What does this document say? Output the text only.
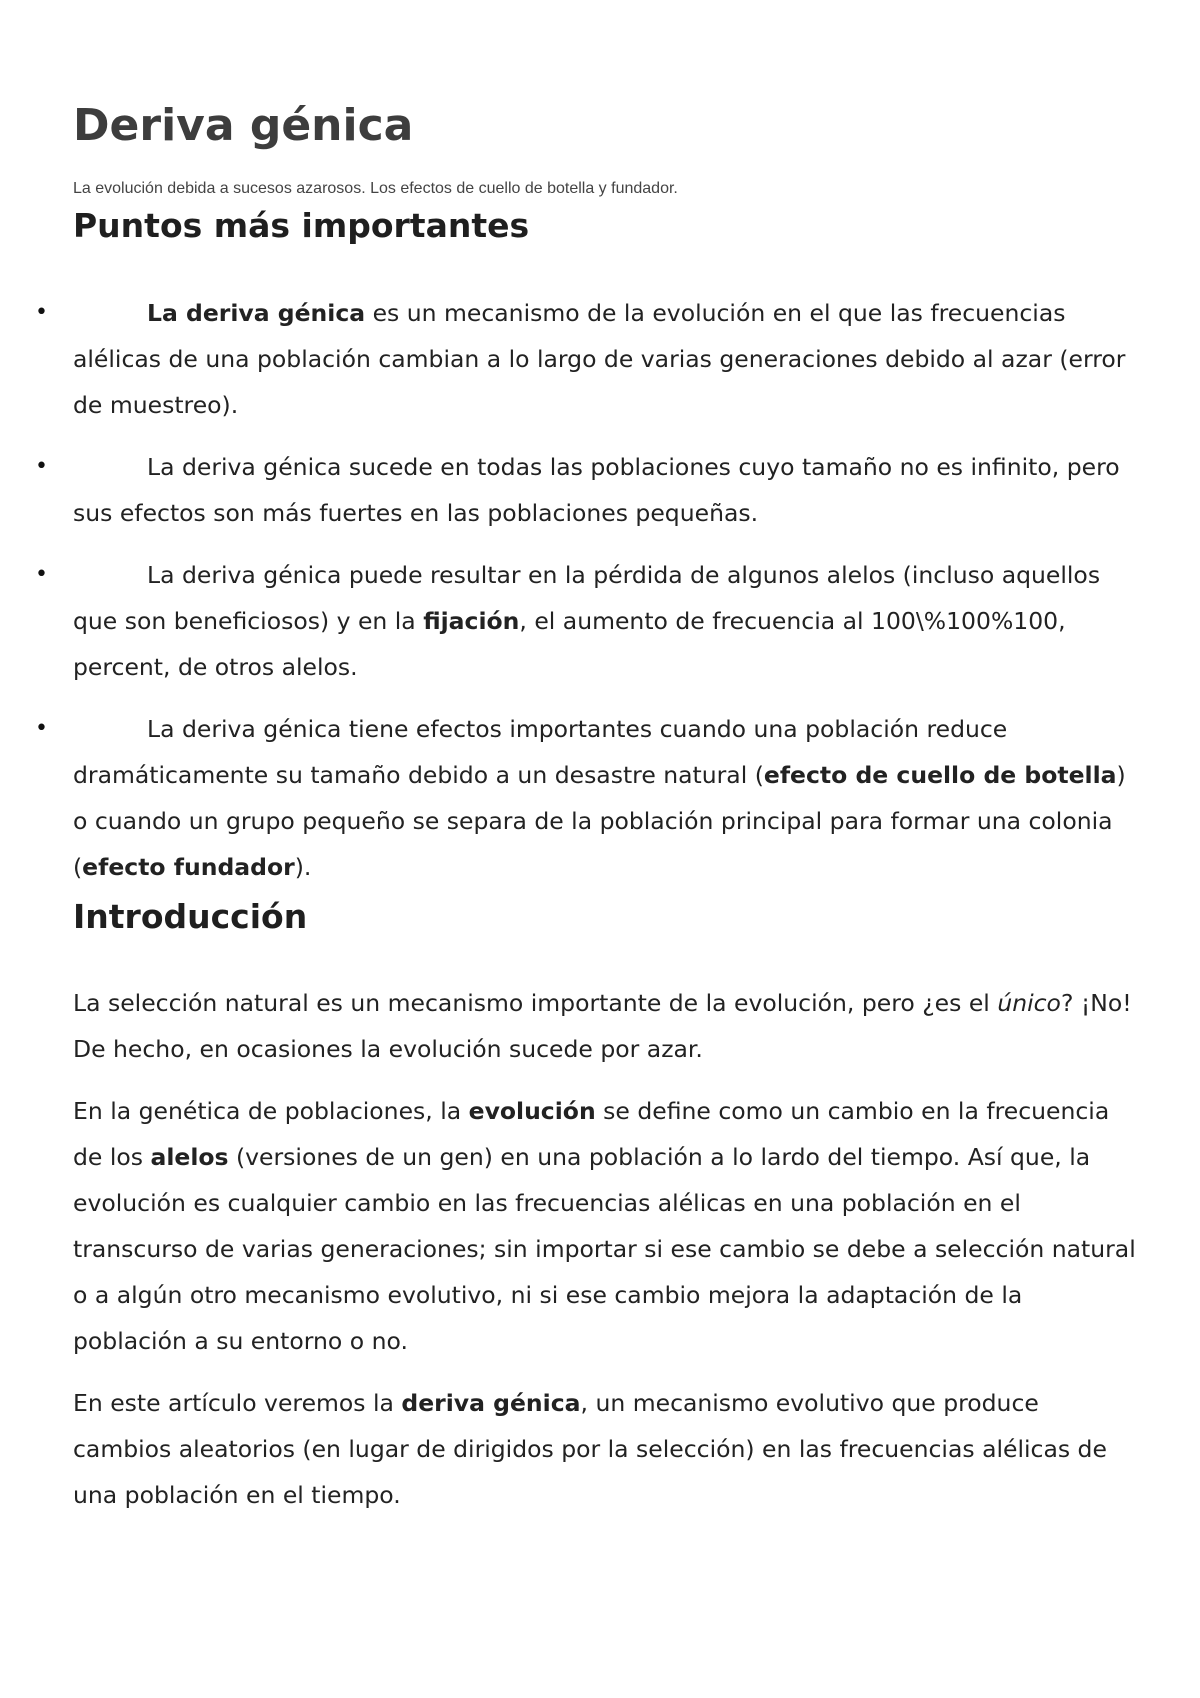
Deriva génica

La evolución debida a sucesos azarosos. Los efectos de cuello de botella y fundador.

Puntos más importantes
•	La deriva génica es un mecanismo de la evolución en el que las frecuencias alélicas de una población cambian a lo largo de varias generaciones debido al azar (error de muestreo).
•	La deriva génica sucede en todas las poblaciones cuyo tamaño no es infinito, pero sus efectos son más fuertes en las poblaciones pequeñas.
•	La deriva génica puede resultar en la pérdida de algunos alelos (incluso aquellos que son beneficiosos) y en la fijación, el aumento de frecuencia al 100\%100%100, percent, de otros alelos.
•	La deriva génica tiene efectos importantes cuando una población reduce dramáticamente su tamaño debido a un desastre natural (efecto de cuello de botella) o cuando un grupo pequeño se separa de la población principal para formar una colonia (efecto fundador).
Introducción

La selección natural es un mecanismo importante de la evolución, pero ¿es el único? ¡No! De hecho, en ocasiones la evolución sucede por azar.

En la genética de poblaciones, la evolución se define como un cambio en la frecuencia de los alelos (versiones de un gen) en una población a lo lardo del tiempo. Así que, la evolución es cualquier cambio en las frecuencias alélicas en una población en el transcurso de varias generaciones; sin importar si ese cambio se debe a selección natural o a algún otro mecanismo evolutivo, ni si ese cambio mejora la adaptación de la población a su entorno o no.

En este artículo veremos la deriva génica, un mecanismo evolutivo que produce cambios aleatorios (en lugar de dirigidos por la selección) en las frecuencias alélicas de una población en el tiempo.
